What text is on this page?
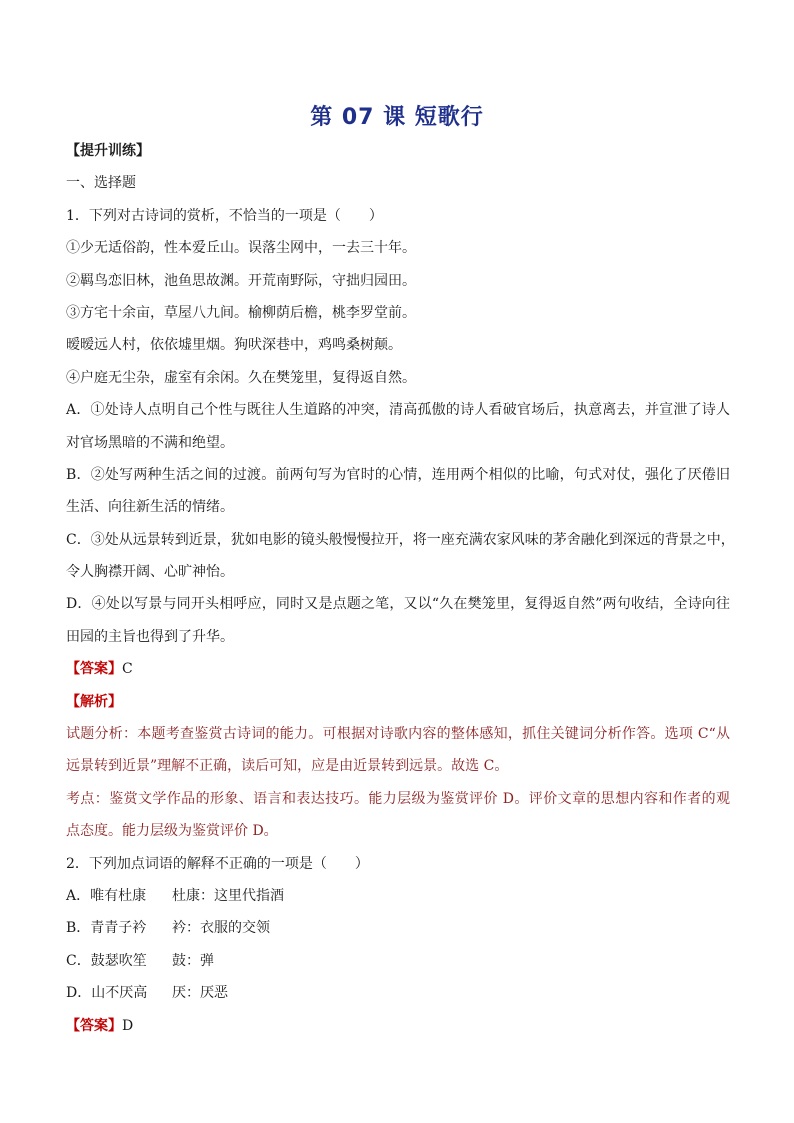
第 07 课 短歌行
【提升训练】
一、选择题
1．下列对古诗词的赏析，不恰当的一项是（　　）
①少无适俗韵，性本爱丘山。误落尘网中，一去三十年。
②羁鸟恋旧林，池鱼思故渊。开荒南野际，守拙归园田。
③方宅十余亩，草屋八九间。榆柳荫后檐，桃李罗堂前。
暧暧远人村，依依墟里烟。狗吠深巷中，鸡鸣桑树颠。
④户庭无尘杂，虚室有余闲。久在樊笼里，复得返自然。
A．①处诗人点明自己个性与既往人生道路的冲突，清高孤傲的诗人看破官场后，执意离去，并宣泄了诗人
对官场黑暗的不满和绝望。
B．②处写两种生活之间的过渡。前两句写为官时的心情，连用两个相似的比喻，句式对仗，强化了厌倦旧
生活、向往新生活的情绪。
C．③处从远景转到近景，犹如电影的镜头般慢慢拉开，将一座充满农家风味的茅舍融化到深远的背景之中，
令人胸襟开阔、心旷神怡。
D．④处以写景与同开头相呼应，同时又是点题之笔，又以“久在樊笼里，复得返自然”两句收结，全诗向往
田园的主旨也得到了升华。
【答案】C
【解析】
试题分析：本题考查鉴赏古诗词的能力。可根据对诗歌内容的整体感知，抓住关键词分析作答。选项 C“从
远景转到近景”理解不正确，读后可知，应是由近景转到远景。故选 C。
考点：鉴赏文学作品的形象、语言和表达技巧。能力层级为鉴赏评价 D。评价文章的思想内容和作者的观
点态度。能力层级为鉴赏评价 D。
2．下列加点词语的解释不正确的一项是（　　）
A．唯有杜康 杜康：这里代指酒
B．青青子衿 衿：衣服的交领
C．鼓瑟吹笙 鼓：弹
D．山不厌高 厌：厌恶
【答案】D
